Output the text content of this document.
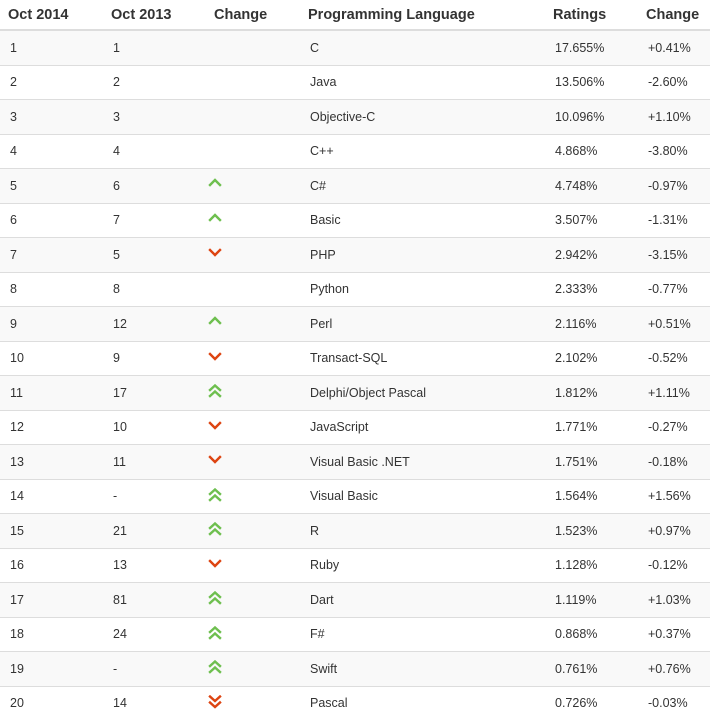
Oct 2014	Oct 2013	Change	Programming Language	Ratings	Change
1	1		C	17.655%	+0.41%
2	2		Java	13.506%	-2.60%
3	3		Objective-C	10.096%	+1.10%
4	4		C++	4.868%	-3.80%
5	6		C#	4.748%	-0.97%
6	7		Basic	3.507%	-1.31%
7	5		PHP	2.942%	-3.15%
8	8		Python	2.333%	-0.77%
9	12		Perl	2.116%	+0.51%
10	9		Transact-SQL	2.102%	-0.52%
11	17		Delphi/Object Pascal	1.812%	+1.11%
12	10		JavaScript	1.771%	-0.27%
13	11		Visual Basic .NET	1.751%	-0.18%
14	-		Visual Basic	1.564%	+1.56%
15	21		R	1.523%	+0.97%
16	13		Ruby	1.128%	-0.12%
17	81		Dart	1.119%	+1.03%
18	24		F#	0.868%	+0.37%
19	-		Swift	0.761%	+0.76%
20	14		Pascal	0.726%	-0.03%
